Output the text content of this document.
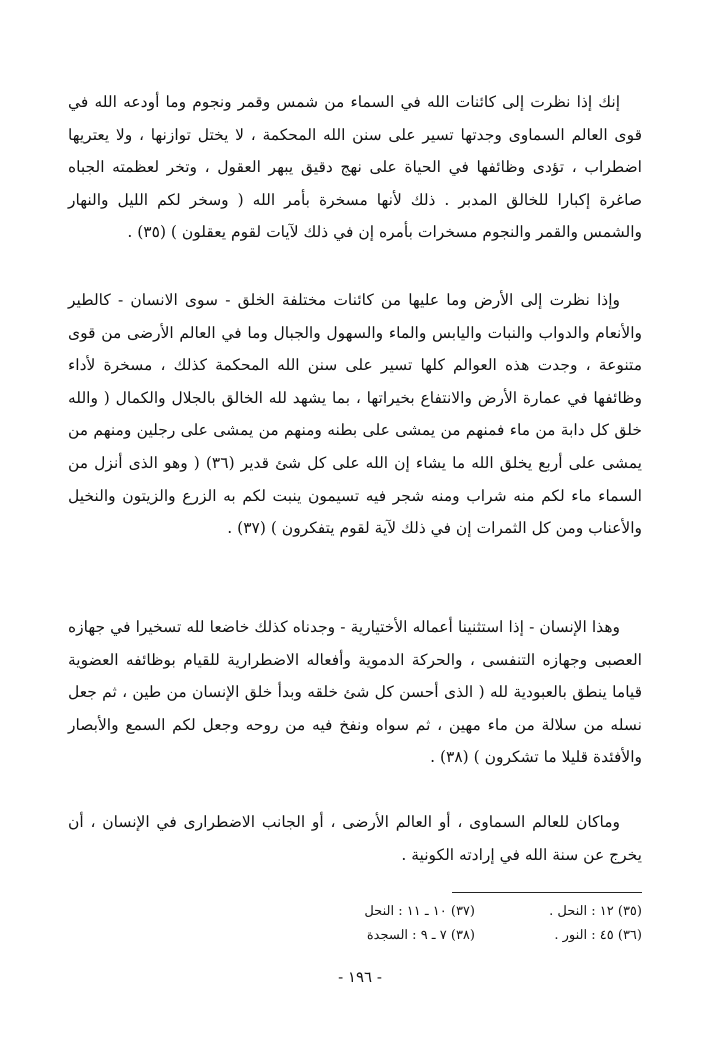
إنك إذا نظرت إلى كائنات الله في السماء من شمس وقمر ونجوم وما أودعه الله في قوى العالم السماوى وجدتها تسير على سنن الله المحكمة ، لا يختل توازنها ، ولا يعتريها اضطراب ، تؤدى وظائفها في الحياة على نهج دقيق يبهر العقول ، وتخر لعظمته الجباه صاغرة إكبارا للخالق المدبر . ذلك لأنها مسخرة بأمر الله ( وسخر لكم الليل والنهار والشمس والقمر والنجوم مسخرات بأمره إن في ذلك لآيات لقوم يعقلون ) (٣٥) .

وإذا نظرت إلى الأرض وما عليها من كائنات مختلفة الخلق - سوى الانسان - كالطير والأنعام والدواب والنبات واليابس والماء والسهول والجبال وما في العالم الأرضى من قوى متنوعة ، وجدت هذه العوالم كلها تسير على سنن الله المحكمة كذلك ، مسخرة لأداء وظائفها في عمارة الأرض والانتفاع بخيراتها ، بما يشهد لله الخالق بالجلال والكمال ( والله خلق كل دابة من ماء فمنهم من يمشى على بطنه ومنهم من يمشى على رجلين ومنهم من يمشى على أربع يخلق الله ما يشاء إن الله على كل شئ قدير (٣٦) ( وهو الذى أنزل من السماء ماء لكم منه شراب ومنه شجر فيه تسيمون ينبت لكم به الزرع والزيتون والنخيل والأعناب ومن كل الثمرات إن في ذلك لآية لقوم يتفكرون ) (٣٧) .

وهذا الإنسان - إذا استثنينا أعماله الأختيارية - وجدناه كذلك خاضعا لله تسخيرا في جهازه العصبى وجهازه التنفسى ، والحركة الدموية وأفعاله الاضطرارية للقيام بوظائفه العضوية قياما ينطق بالعبودية لله ( الذى أحسن كل شئ خلقه وبدأ خلق الإنسان من طين ، ثم جعل نسله من سلالة من ماء مهين ، ثم سواه ونفخ فيه من روحه وجعل لكم السمع والأبصار والأفئدة قليلا ما تشكرون ) (٣٨) .

وماكان للعالم السماوى ، أو العالم الأرضى ، أو الجانب الاضطرارى في الإنسان ، أن يخرج عن سنة الله في إرادته الكونية .

(٣٥) ١٢ : النحل .
(٣٧) ١٠ ـ ١١ : النحل
(٣٦) ٤٥ : النور .
(٣٨) ٧ ـ ٩ : السجدة
- ١٩٦ -
